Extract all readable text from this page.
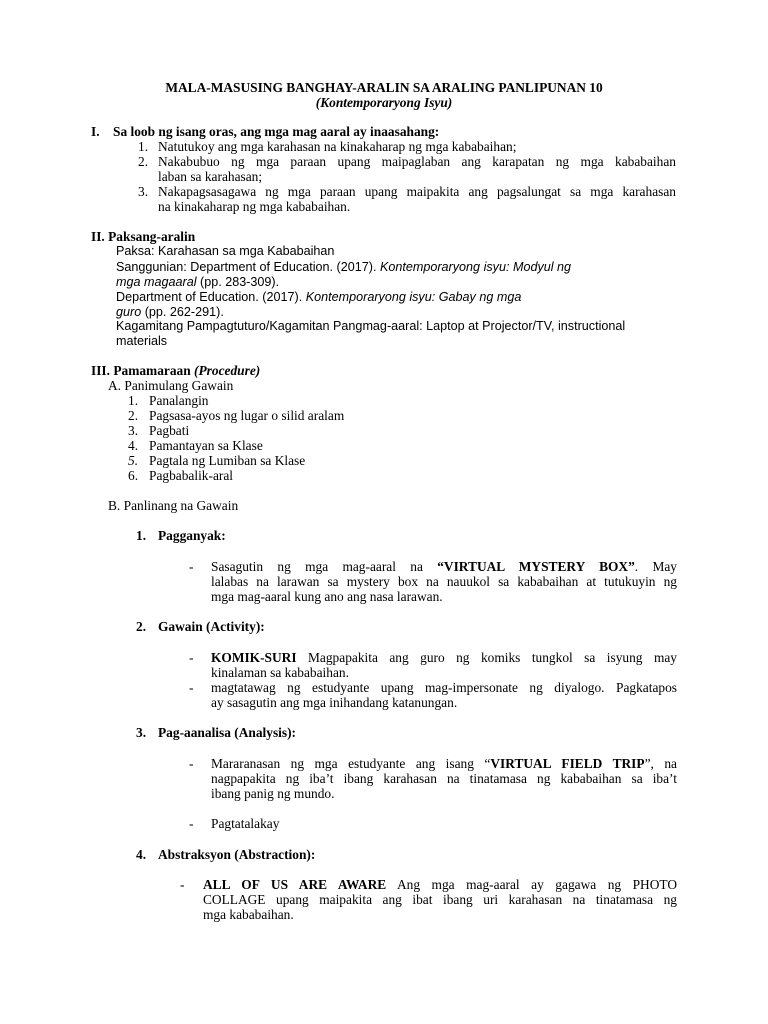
MALA-MASUSING BANGHAY-ARALIN SA ARALING PANLIPUNAN 10
(Kontemporaryong Isyu)
I. Sa loob ng isang oras, ang mga mag aaral ay inaasahang:
1. Natutukoy ang mga karahasan na kinakaharap ng mga kababaihan;
2. Nakabubuo ng mga paraan upang maipaglaban ang karapatan ng mga kababaihan
laban sa karahasan;
3. Nakapagsasagawa ng mga paraan upang maipakita ang pagsalungat sa mga karahasan
na kinakaharap ng mga kababaihan.
II. Paksang-aralin
Paksa: Karahasan sa mga Kababaihan
Sanggunian: Department of Education. (2017). Kontemporaryong isyu: Modyul ng
mga magaaral (pp. 283-309).
Department of Education. (2017). Kontemporaryong isyu: Gabay ng mga
guro (pp. 262-291).
Kagamitang Pampagtuturo/Kagamitan Pangmag-aaral: Laptop at Projector/TV, instructional
materials
III. Pamamaraan (Procedure)
A. Panimulang Gawain
1. Panalangin
2. Pagsasa-ayos ng lugar o silid aralam
3. Pagbati
4. Pamantayan sa Klase
5. Pagtala ng Lumiban sa Klase
6. Pagbabalik-aral
B. Panlinang na Gawain
1. Pagganyak:
- Sasagutin ng mga mag-aaral na “VIRTUAL MYSTERY BOX”. May
lalabas na larawan sa mystery box na nauukol sa kababaihan at tutukuyin ng
mga mag-aaral kung ano ang nasa larawan.
2. Gawain (Activity):
- KOMIK-SURI Magpapakita ang guro ng komiks tungkol sa isyung may
kinalaman sa kababaihan.
- magtatawag ng estudyante upang mag-impersonate ng diyalogo. Pagkatapos
ay sasagutin ang mga inihandang katanungan.
3. Pag-aanalisa (Analysis):
- Mararanasan ng mga estudyante ang isang “VIRTUAL FIELD TRIP”, na
nagpapakita ng iba’t ibang karahasan na tinatamasa ng kababaihan sa iba’t
ibang panig ng mundo.
- Pagtatalakay
4. Abstraksyon (Abstraction):
- ALL OF US ARE AWARE Ang mga mag-aaral ay gagawa ng PHOTO
COLLAGE upang maipakita ang ibat ibang uri karahasan na tinatamasa ng
mga kababaihan.
